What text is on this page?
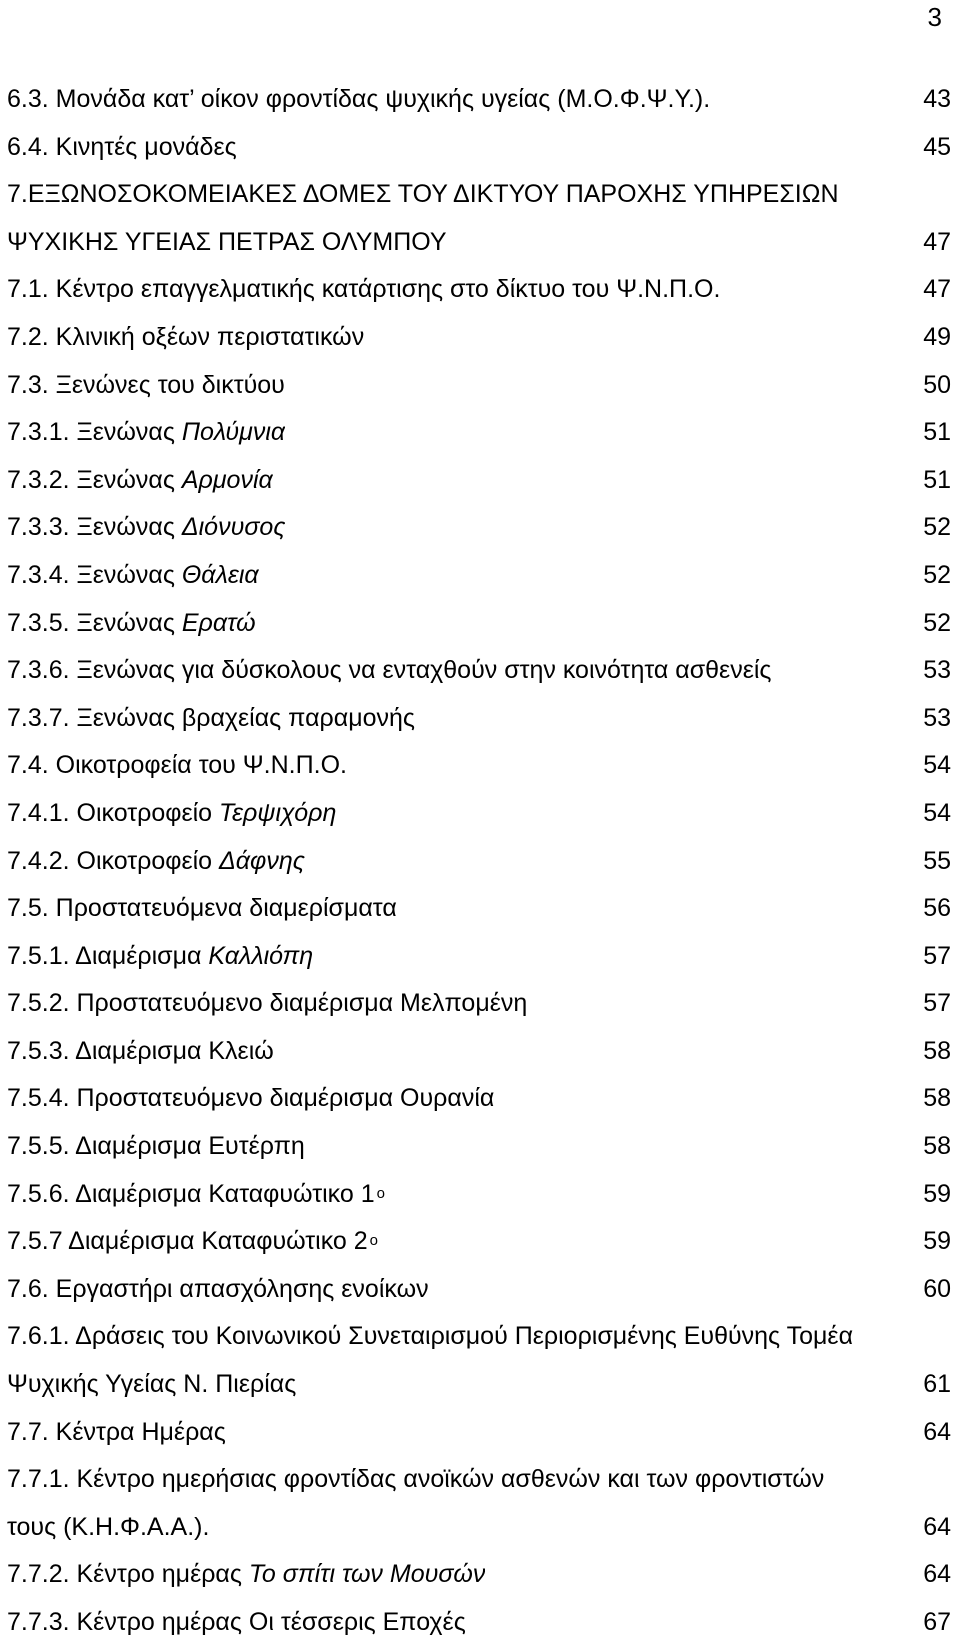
3
6.3. Μονάδα κατ’ οίκον φροντίδας ψυχικής υγείας (Μ.Ο.Φ.Ψ.Υ.).	43
6.4. Κινητές μονάδες	45
7.ΕΞΩΝΟΣΟΚΟΜΕΙΑΚΕΣ ΔΟΜΕΣ ΤΟΥ ΔΙΚΤΥΟΥ ΠΑΡΟΧΗΣ ΥΠΗΡΕΣΙΩΝ
ΨΥΧΙΚΗΣ ΥΓΕΙΑΣ ΠΕΤΡΑΣ ΟΛΥΜΠΟΥ	47
7.1. Κέντρο επαγγελματικής κατάρτισης στο δίκτυο του Ψ.Ν.Π.Ο.	47
7.2. Κλινική οξέων περιστατικών	49
7.3. Ξενώνες του δικτύου	50
7.3.1. Ξενώνας Πολύμνια	51
7.3.2. Ξενώνας Αρμονία	51
7.3.3. Ξενώνας Διόνυσος	52
7.3.4. Ξενώνας Θάλεια	52
7.3.5. Ξενώνας Ερατώ	52
7.3.6. Ξενώνας για δύσκολους να ενταχθούν στην κοινότητα ασθενείς	53
7.3.7. Ξενώνας βραχείας παραμονής	53
7.4. Οικοτροφεία του Ψ.Ν.Π.Ο.	54
7.4.1. Οικοτροφείο Τερψιχόρη	54
7.4.2. Οικοτροφείο Δάφνης	55
7.5. Προστατευόμενα διαμερίσματα	56
7.5.1. Διαμέρισμα Καλλιόπη	57
7.5.2. Προστατευόμενο διαμέρισμα Μελπομένη	57
7.5.3. Διαμέρισμα Κλειώ	58
7.5.4. Προστατευόμενο διαμέρισμα Ουρανία	58
7.5.5. Διαμέρισμα Ευτέρπη	58
7.5.6. Διαμέρισμα Καταφυώτικο 1 $^o$	59
7.5.7 Διαμέρισμα Καταφυώτικο 2 $^o$	59
7.6. Εργαστήρι απασχόλησης ενοίκων	60
7.6.1. Δράσεις του Κοινωνικού Συνεταιρισμού Περιορισμένης Ευθύνης Τομέα
Ψυχικής Υγείας Ν. Πιερίας	61
7.7. Κέντρα Ημέρας	64
7.7.1. Κέντρο ημερήσιας φροντίδας ανοϊκών ασθενών και των φροντιστών
τους (Κ.Η.Φ.Α.Α.).	64
7.7.2. Κέντρο ημέρας Το σπίτι των Μουσών	64
7.7.3. Κέντρο ημέρας Οι τέσσερις Εποχές	67
